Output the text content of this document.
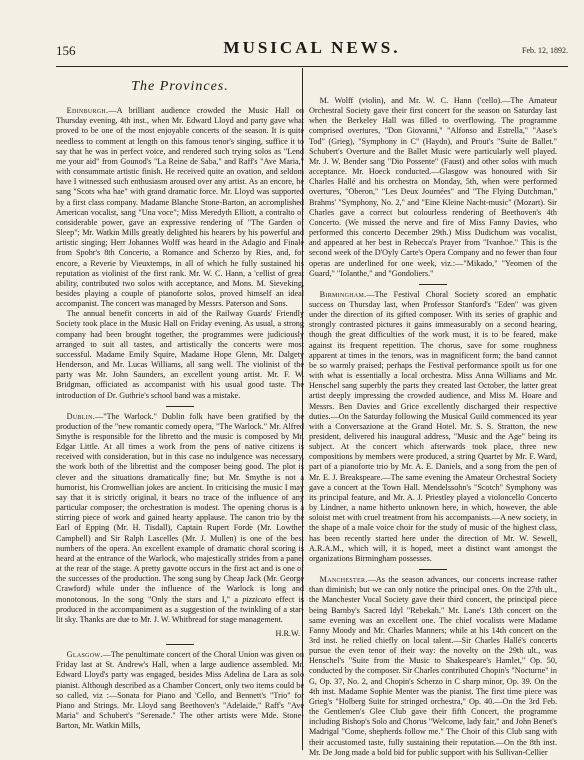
156	MUSICAL NEWS.	Feb. 12, 1892.
The Provinces.

Edinburgh.—A brilliant audience crowded the Music Hall on Thursday evening, 4th inst., when Mr. Edward Lloyd and party gave what proved to be one of the most enjoyable concerts of the season. It is quite needless to comment at length on this famous tenor's singing, suffice it to say that he was in perfect voice, and rendered such trying solos as "Lend me your aid" from Gounod's "La Reine de Saba," and Raff's "Ave Maria," with consummate artistic finish. He received quite an ovation, and seldom have I witnessed such enthusiasm aroused over any artist. As an encore, he sang "Scots wha hae" with grand dramatic force. Mr. Lloyd was supported by a first class company. Madame Blanche Stone-Barton, an accomplished American vocalist, sang "Una voce"; Miss Meredyth Elliott, a contralto of considerable power, gave an expressive rendering of "The Garden of Sleep"; Mr. Watkin Mills greatly delighted his hearers by his powerful and artistic singing; Herr Johannes Wolff was heard in the Adagio and Finale from Spohr's 8th Concerto, a Romance and Scherzo by Ries, and, for encore, a Reverie by Vieuxtemps, in all of which he fully sustained his reputation as violinist of the first rank. Mr. W. C. Hann, a 'cellist of great ability, contributed two solos with acceptance, and Mons. M. Sieveking, besides playing a couple of pianoforte solos, proved himself an ideal accompanist. The concert was managed by Messrs. Paterson and Sons.

The annual benefit concerts in aid of the Railway Guards' Friendly Society took place in the Music Hall on Friday evening. As usual, a strong company had been brought together, the programmes were judiciously arranged to suit all tastes, and artistically the concerts were most successful. Madame Emily Squire, Madame Hope Glenn, Mr. Dalgety Henderson, and Mr. Lucas Williams, all sang well. The violinist of the party was Mr. John Saunders, an excellent young artist. Mr. F. W. Bridgman, officiated as accompanist with his usual good taste. The introduction of Dr. Guthrie's school band was a mistake.

Dublin.—"The Warlock." Dublin folk have been gratified by the production of the "new romantic comedy opera, "The Warlock." Mr. Alfred Smythe is responsible for the libretto and the music is composed by Mr. Edgar Little. At all times a work from the pens of native citizens is received with consideration, but in this case no indulgence was necessary, the work both of the librettist and the composer being good. The plot is clever and the situations dramatically fine; but Mr. Smythe is not a humorist, his Cromwellian jokes are ancient. In criticising the music I may say that it is strictly original, it bears no trace of the influence of any particular composer; the orchestration is modest. The opening chorus is a stirring piece of work and gained hearty applause. The canon trio by the Earl of Epping (Mr. H. Tisdall), Captain Rupert Forde (Mr. Lowther Campbell) and Sir Ralph Lascelles (Mr. J. Mullen) is one of the best numbers of the opera. An excellent example of dramatic choral scoring is heard at the entrance of the Warlock, who majestically strides from a panel at the rear of the stage. A pretty gavotte occurs in the first act and is one of the successes of the production. The song sung by Cheap Jack (Mr. George Crawford) while under the influence of the Warlock is long and monotonous. In the song "Only the stars and I," a pizzicato effect is produced in the accompaniment as a suggestion of the twinkling of a star-lit sky. Thanks are due to Mr. J. W. Whitbread for stage management.

H.R.W.

Glasgow.—The penultimate concert of the Choral Union was given on Friday last at St. Andrew's Hall, when a large audience assembled. Mr. Edward Lloyd's party was engaged, besides Miss Adelina de Lara as solo pianist. Although described as a Chamber Concert, only two items could be so called, viz :—Sonata for Piano and 'Cello, and Bennett's "Trio" for Piano and Strings. Mr. Lloyd sang Beethoven's "Adelaide," Raff's "Ave Maria" and Schubert's "Serenade." The other artists were Mde. Stone-Barton, Mr. Watkin Mills,

M. Wolff (violin), and Mr. W. C. Hann ('cello).—The Amateur Orchestral Society gave their first concert for the season on Saturday last when the Berkeley Hall was filled to overflowing. The programme comprised overtures, "Don Giovanni," "Alfonso and Estrella," "Aase's Tod" (Grieg), "Symphony in C" (Haydn), and Prout's "Suite de Ballet." Schubert's Overture and the Ballet Music were particularly well played. Mr. J. W. Bender sang "Dio Possente" (Faust) and other solos with much acceptance. Mr. Hoeck conducted.—Glasgow was honoured with Sir Charles Hallé and his orchestra on Monday, 5th, when were performed overtures, "Oberon," "Les Deux Journées" and "The Flying Dutchman," Brahms' "Symphony, No. 2," and "Eine Kleine Nacht-music" (Mozart). Sir Charles gave a correct but colourless rendering of Beethoven's 4th Concerto. (We missed the nerve and fire of Miss Fanny Davies, who performed this concerto December 29th.) Miss Dudichum was vocalist, and appeared at her best in Rebecca's Prayer from "Ivanhoe." This is the second week of the D'Oyly Carte's Opera Company and no fewer than four operas are underlined for one week, viz.:—"Mikado," "Yeomen of the Guard," "Iolanthe," and "Gondoliers."

Birmingham.—The Festival Choral Society scored an emphatic success on Thursday last, when Professor Stanford's "Eden" was given under the direction of its gifted composer. With its series of graphic and strongly contrasted pictures it gains immeasurably on a second hearing, though the great difficulties of the work must, it is to be feared, make against its frequent repetition. The chorus, save for some roughness apparent at times in the tenors, was in magnificent form; the band cannot be so warmly praised; perhaps the Festival performance spoilt us for one with what is essentially a local orchestra. Miss Anna Williams and Mr. Henschel sang superbly the parts they created last October, the latter great artist deeply impressing the crowded audience, and Miss M. Hoare and Messrs. Ben Davies and Grice excellently discharged their respective duties.—On the Saturday following the Musical Guild commenced its year with a Conversazione at the Grand Hotel. Mr. S. S. Stratton, the new president, delivered his inaugural address, "Music and the Age" being its subject. At the concert which afterwards took place, three new compositions by members were produced, a string Quartet by Mr. F. Ward, part of a pianoforte trio by Mr. A. E. Daniels, and a song from the pen of Mr. E. J. Breakspeare.—The same evening the Amateur Orchestral Society gave a concert at the Town Hall. Mendelssohn's "Scotch" Symphony was its principal feature, and Mr. A. J. Priestley played a violoncello Concerto by Lindner, a name hitherto unknown here, in which, however, the able soloist met with cruel treatment from his accompanists.—A new society, in the shape of a male voice choir for the study of music of the highest class, has been recently started here under the direction of Mr. W. Sewell, A.R.A.M., which will, it is hoped, meet a distinct want amongst the organizations Birmingham possesses.

Manchester.—As the season advances, our concerts increase rather than diminish; but we can only notice the principal ones. On the 27th ult., the Manchester Vocal Society gave their third concert, the principal piece being Barnby's Sacred Idyl "Rebekah." Mr. Lane's 13th concert on the same evening was an excellent one. The chief vocalists were Madame Fanny Moody and Mr. Charles Manners; while at his 14th concert on the 3rd inst. he relied chiefly on local talent.—Sir Charles Hallé's concerts pursue the even tenor of their way: the novelty on the 29th ult., was Henschel's "Suite from the Music to Shakespeare's Hamlet," Op. 50, conducted by the composer. Sir Charles contributed Chopin's "Nocturne" in G, Op. 37, No. 2, and Chopin's Scherzo in C sharp minor, Op. 39. On the 4th inst. Madame Sophie Menter was the pianist. The first time piece was Grieg's "Holberg Suite for stringed orchestra," Op. 40.—On the 3rd Feb. the Gentlemen's Glee Club gave their fifth Concert, the programme including Bishop's Solo and Chorus "Welcome, lady fair," and John Benet's Madrigal "Come, shepherds follow me." The Choir of this Club sang with their accustomed taste, fully sustaining their reputation.—On the 8th inst. Mr. De Jong made a bold bid for public support with his Sullivan-Cellier
